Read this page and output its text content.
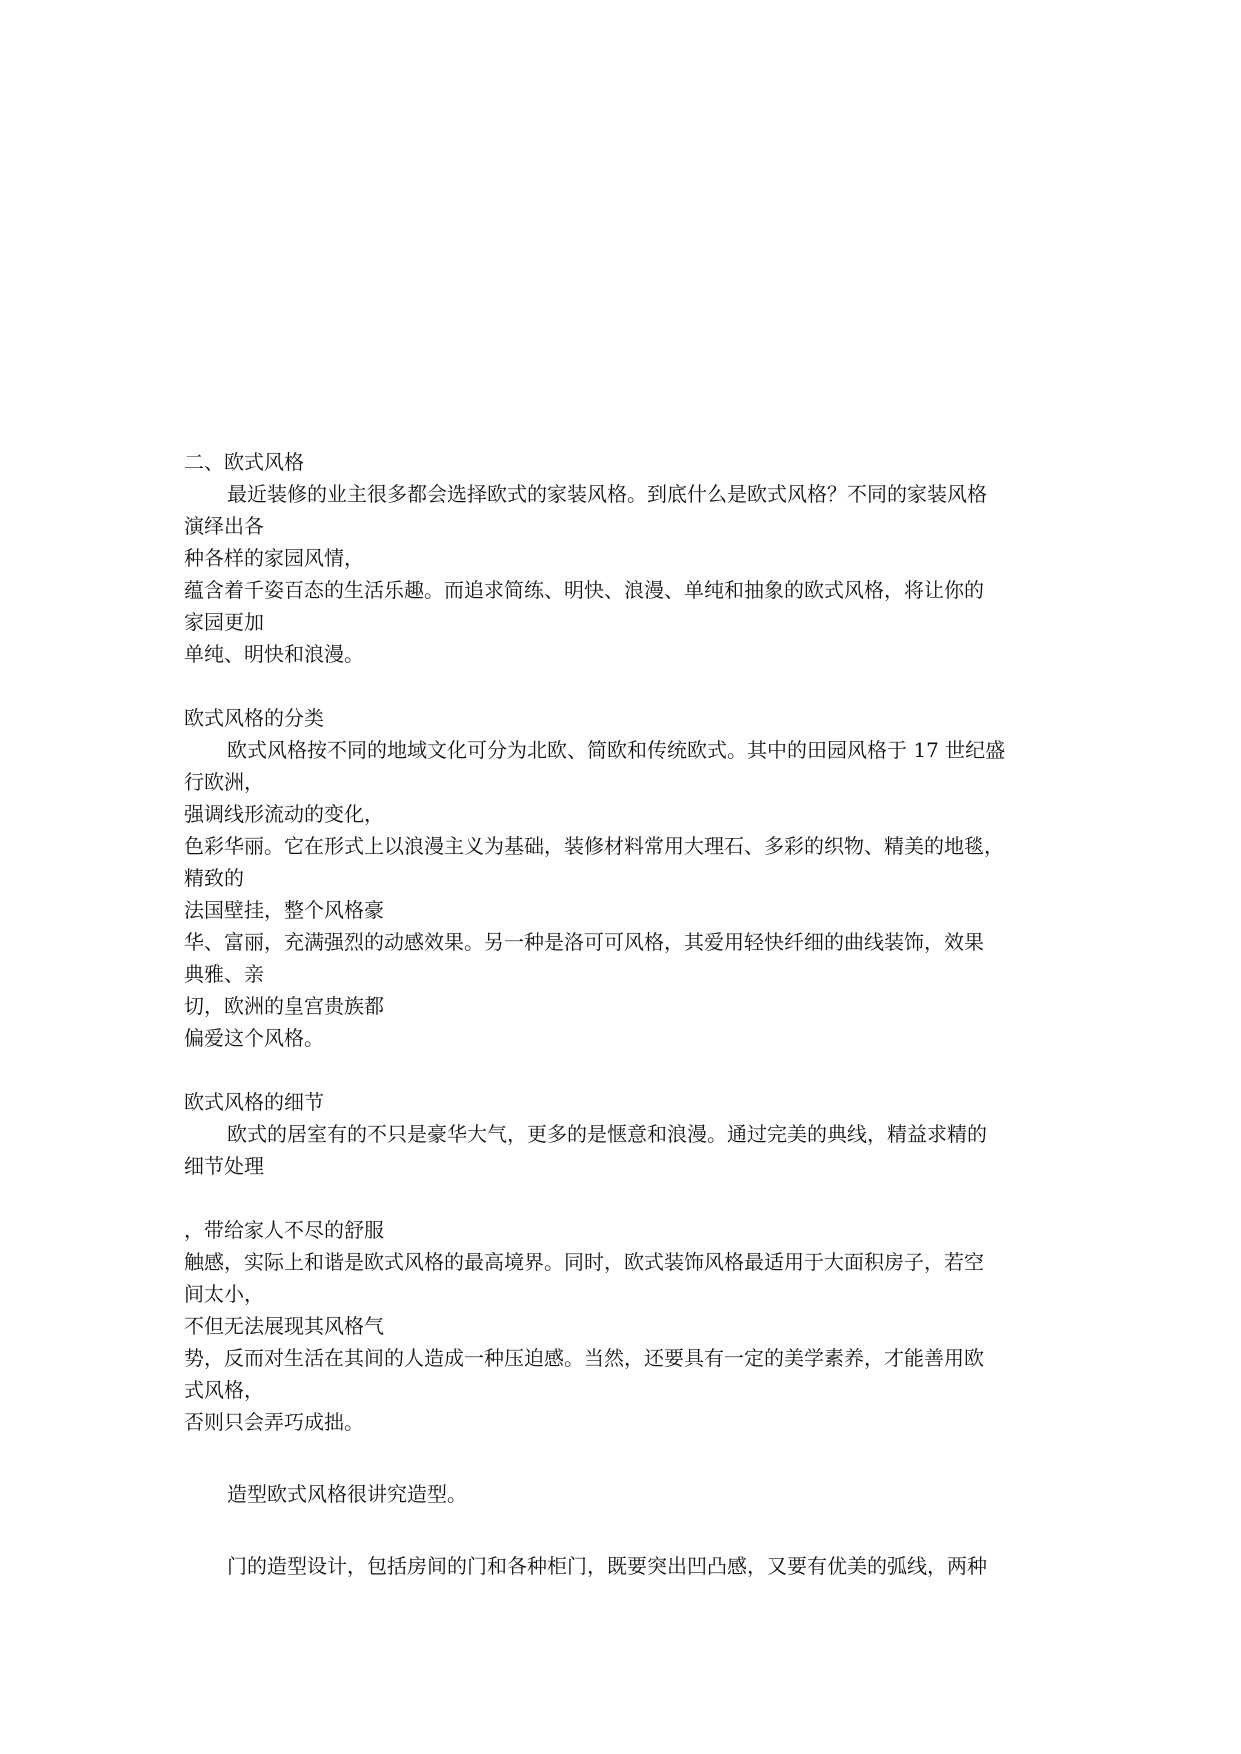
二、欧式风格
最近装修的业主很多都会选择欧式的家装风格。到底什么是欧式风格？不同的家装风格
演绎出各
种各样的家园风情，
蕴含着千姿百态的生活乐趣。而追求简练、明快、浪漫、单纯和抽象的欧式风格，将让你的
家园更加
单纯、明快和浪漫。
欧式风格的分类
欧式风格按不同的地域文化可分为北欧、简欧和传统欧式。其中的田园风格于 17 世纪盛
行欧洲，
强调线形流动的变化，
色彩华丽。它在形式上以浪漫主义为基础，装修材料常用大理石、多彩的织物、精美的地毯，
精致的
法国壁挂，整个风格豪
华、富丽，充满强烈的动感效果。另一种是洛可可风格，其爱用轻快纤细的曲线装饰，效果
典雅、亲
切，欧洲的皇宫贵族都
偏爱这个风格。
欧式风格的细节
欧式的居室有的不只是豪华大气，更多的是惬意和浪漫。通过完美的典线，精益求精的
细节处理
，带给家人不尽的舒服
触感，实际上和谐是欧式风格的最高境界。同时，欧式装饰风格最适用于大面积房子，若空
间太小，
不但无法展现其风格气
势，反而对生活在其间的人造成一种压迫感。当然，还要具有一定的美学素养，才能善用欧
式风格，
否则只会弄巧成拙。
造型欧式风格很讲究造型。
门的造型设计，包括房间的门和各种柜门，既要突出凹凸感，又要有优美的弧线，两种
